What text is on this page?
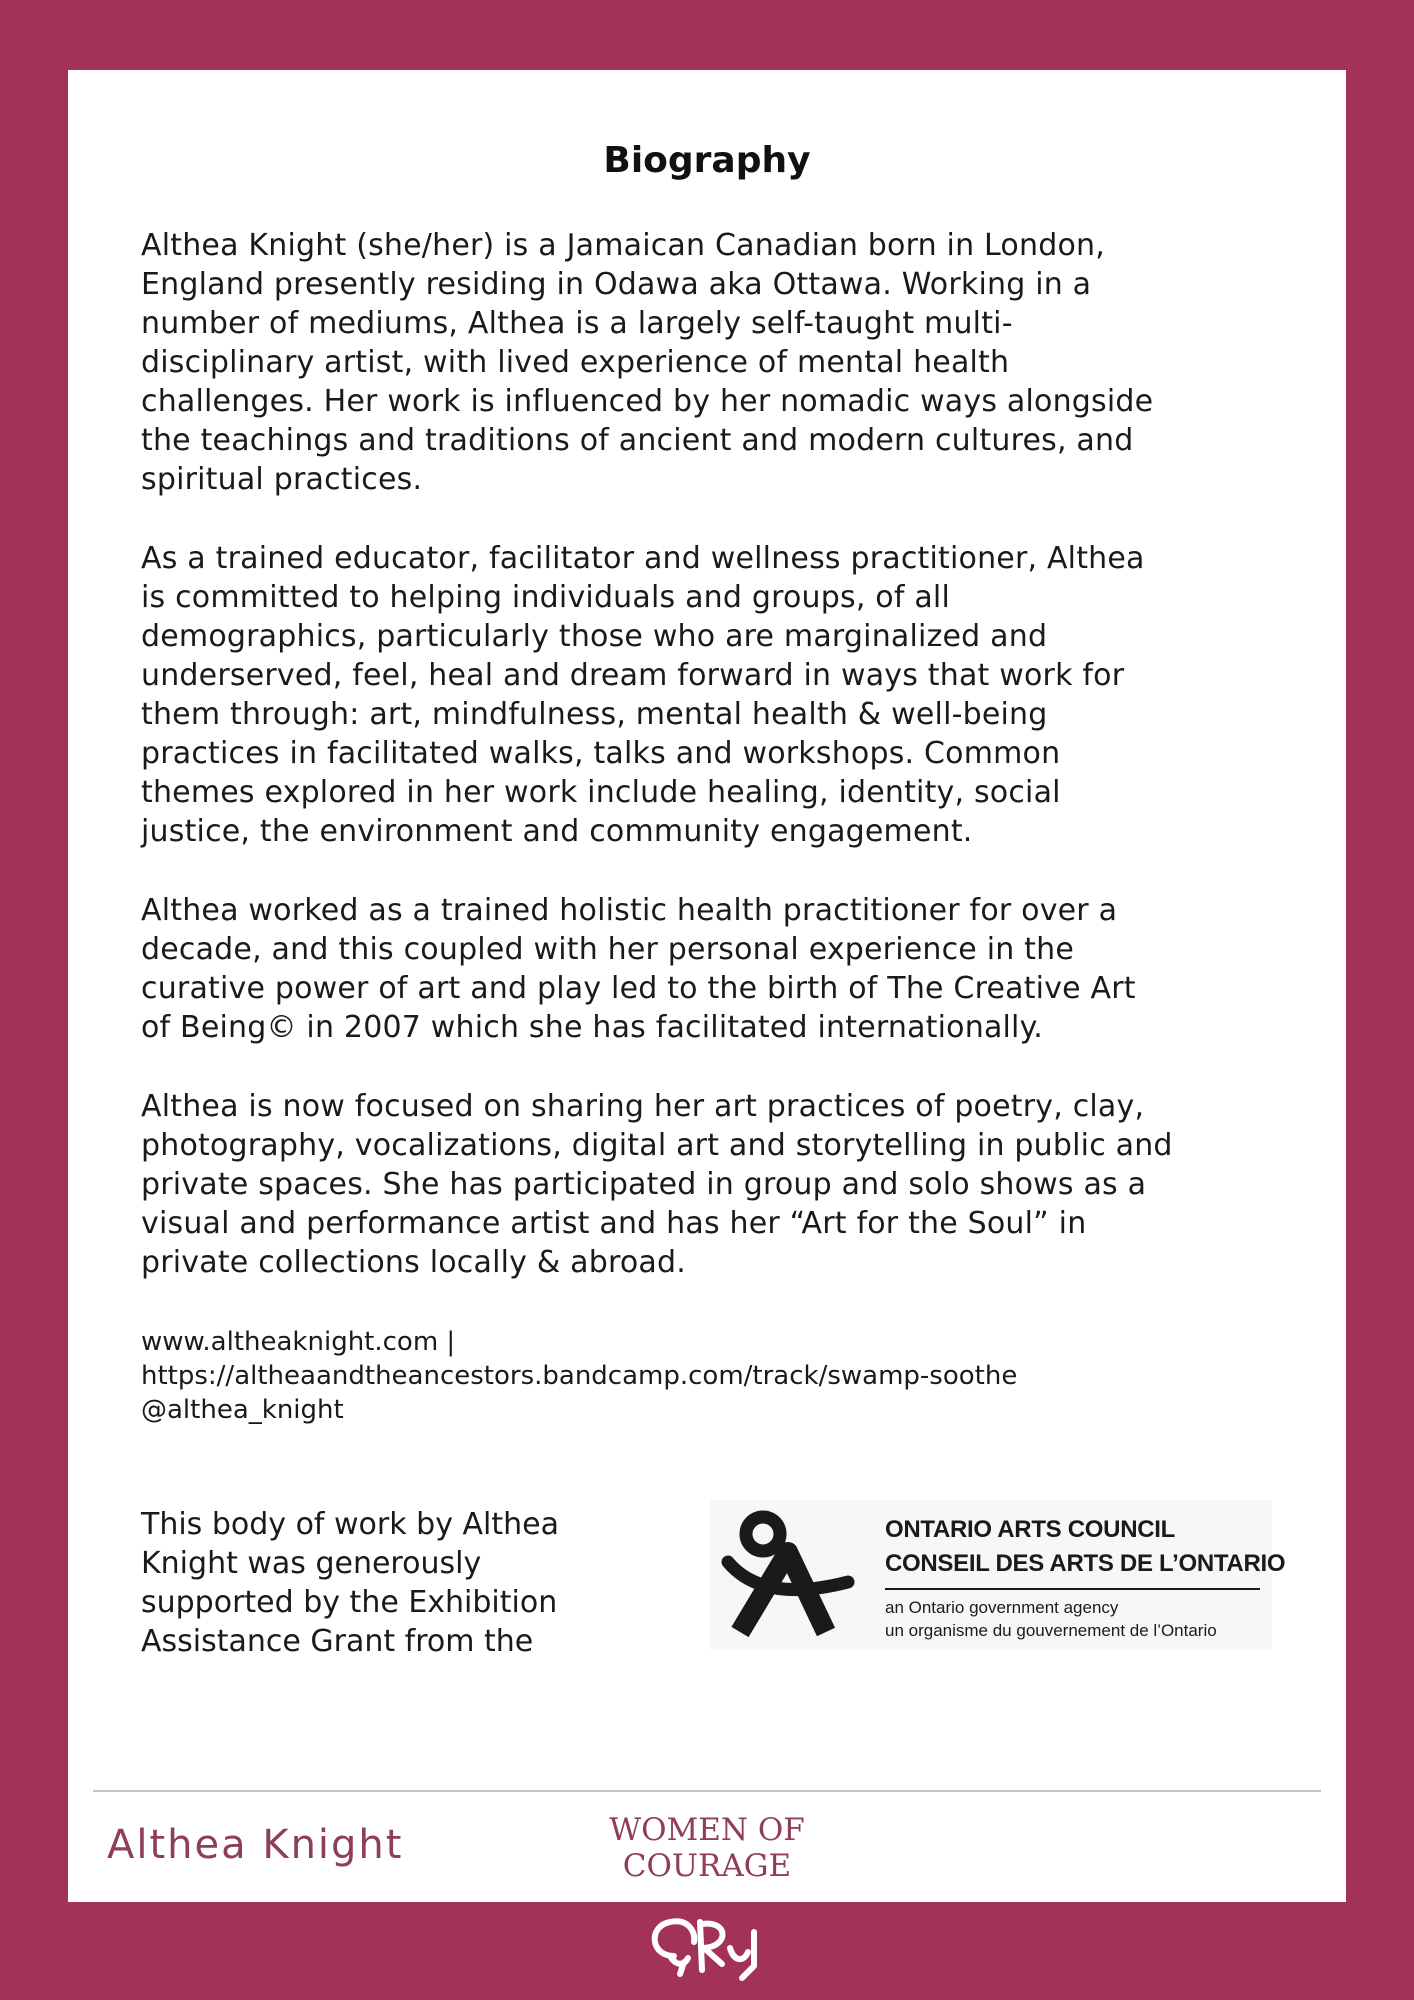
Biography

Althea Knight (she/her) is a Jamaican Canadian born in London,
England presently residing in Odawa aka Ottawa. Working in a
number of mediums, Althea is a largely self-taught multi-
disciplinary artist, with lived experience of mental health
challenges. Her work is influenced by her nomadic ways alongside
the teachings and traditions of ancient and modern cultures, and
spiritual practices.

As a trained educator, facilitator and wellness practitioner, Althea
is committed to helping individuals and groups, of all
demographics, particularly those who are marginalized and
underserved, feel, heal and dream forward in ways that work for
them through: art, mindfulness, mental health & well-being
practices in facilitated walks, talks and workshops. Common
themes explored in her work include healing, identity, social
justice, the environment and community engagement.

Althea worked as a trained holistic health practitioner for over a
decade, and this coupled with her personal experience in the
curative power of art and play led to the birth of The Creative Art
of Being© in 2007 which she has facilitated internationally.

Althea is now focused on sharing her art practices of poetry, clay,
photography, vocalizations, digital art and storytelling in public and
private spaces. She has participated in group and solo shows as a
visual and performance artist and has her “Art for the Soul” in
private collections locally & abroad.

www.altheaknight.com |
https://altheaandtheancestors.bandcamp.com/track/swamp-soothe
@althea_knight

This body of work by Althea
Knight was generously
supported by the Exhibition
Assistance Grant from the

ONTARIO ARTS COUNCIL
CONSEIL DES ARTS DE L’ONTARIO
an Ontario government agency
un organisme du gouvernement de l’Ontario

Althea Knight	WOMEN OF
COURAGE
